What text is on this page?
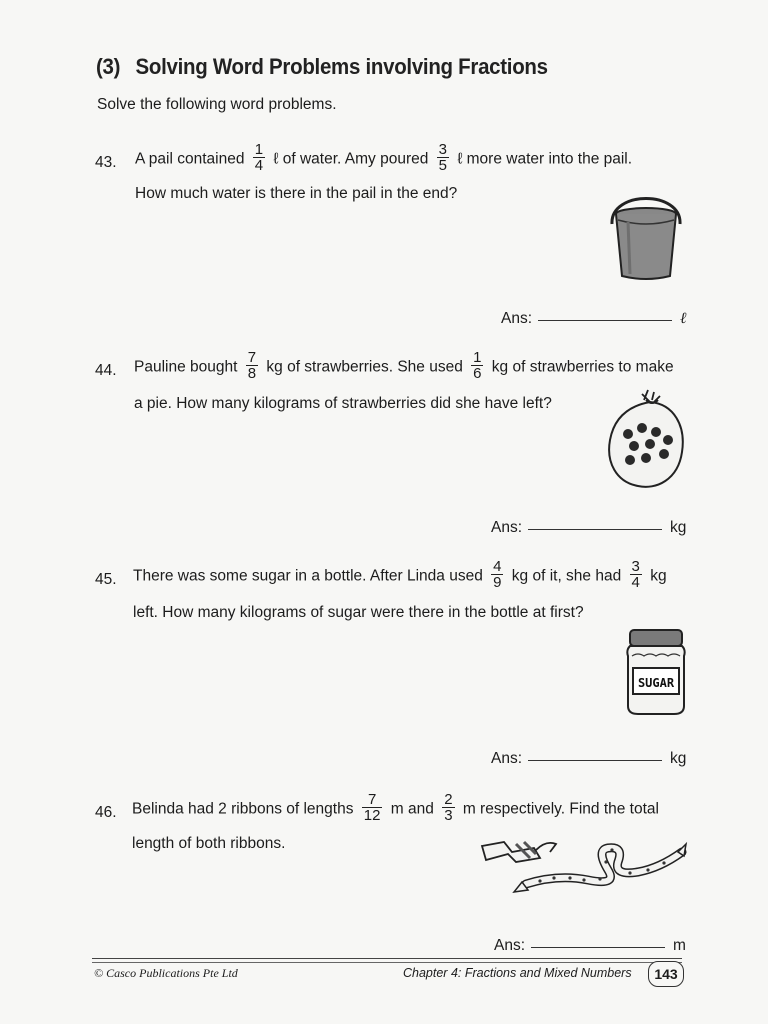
(3)  Solving Word Problems involving Fractions
Solve the following word problems.
43. A pail contained $\frac{1}{4}$ ℓ of water. Amy poured $\frac{3}{5}$ ℓ more water into the pail.
How much water is there in the pail in the end?
Ans:	ℓ
44. Pauline bought $\frac{7}{8}$ kg of strawberries. She used $\frac{1}{6}$ kg of strawberries to make
a pie. How many kilograms of strawberries did she have left?
Ans:	kg
45. There was some sugar in a bottle. After Linda used $\frac{4}{9}$ kg of it, she had $\frac{3}{4}$ kg
left. How many kilograms of sugar were there in the bottle at first?
SUGAR
Ans:	kg
46. Belinda had 2 ribbons of lengths $\frac{7}{12}$ m and $\frac{2}{3}$ m respectively. Find the total
length of both ribbons.
Ans:	m
© Casco Publications Pte Ltd	Chapter 4: Fractions and Mixed Numbers	143
